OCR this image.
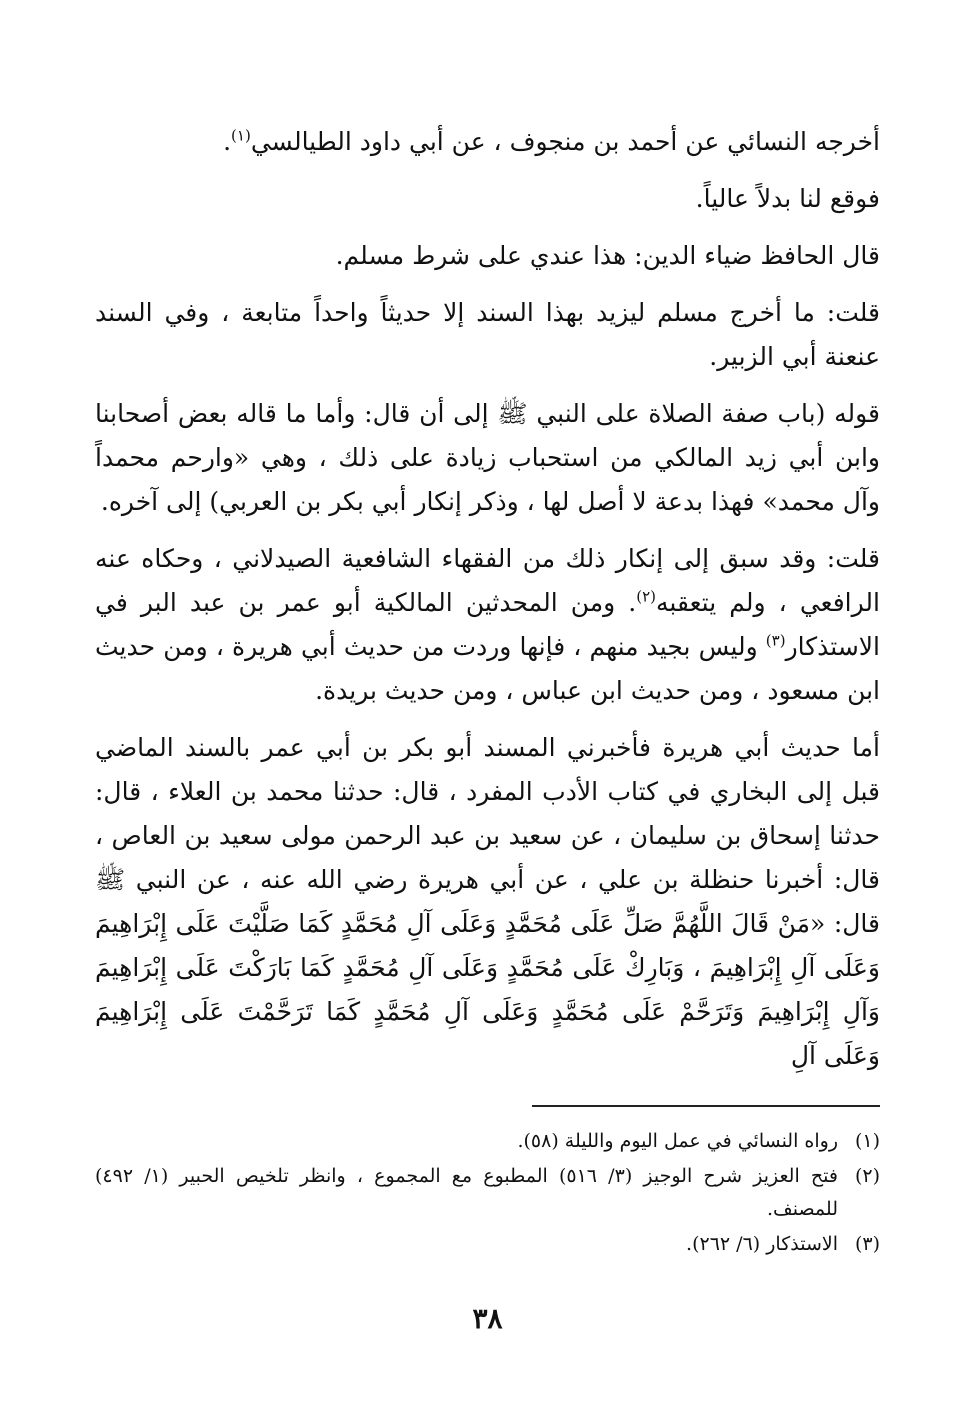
أخرجه النسائي عن أحمد بن منجوف ، عن أبي داود الطيالسي$^{(١)}$.

فوقع لنا بدلاً عالياً.

قال الحافظ ضياء الدين: هذا عندي على شرط مسلم.

قلت: ما أخرج مسلم ليزيد بهذا السند إلا حديثاً واحداً متابعة ، وفي السند عنعنة أبي الزبير.

قوله (باب صفة الصلاة على النبي ﷺ إلى أن قال: وأما ما قاله بعض أصحابنا وابن أبي زيد المالكي من استحباب زيادة على ذلك ، وهي «وارحم محمداً وآل محمد» فهذا بدعة لا أصل لها ، وذكر إنكار أبي بكر بن العربي) إلى آخره.

قلت: وقد سبق إلى إنكار ذلك من الفقهاء الشافعية الصيدلاني ، وحكاه عنه الرافعي ، ولم يتعقبه$^{(٢)}$. ومن المحدثين المالكية أبو عمر بن عبد البر في الاستذكار$^{(٣)}$ وليس بجيد منهم ، فإنها وردت من حديث أبي هريرة ، ومن حديث ابن مسعود ، ومن حديث ابن عباس ، ومن حديث بريدة.

أما حديث أبي هريرة فأخبرني المسند أبو بكر بن أبي عمر بالسند الماضي قبل إلى البخاري في كتاب الأدب المفرد ، قال: حدثنا محمد بن العلاء ، قال: حدثنا إسحاق بن سليمان ، عن سعيد بن عبد الرحمن مولى سعيد بن العاص ، قال: أخبرنا حنظلة بن علي ، عن أبي هريرة رضي الله عنه ، عن النبي ﷺ قال: «مَنْ قَالَ اللَّهُمَّ صَلِّ عَلَى مُحَمَّدٍ وَعَلَى آلِ مُحَمَّدٍ كَمَا صَلَّيْتَ عَلَى إِبْرَاهِيمَ وَعَلَى آلِ إِبْرَاهِيمَ ، وَبَارِكْ عَلَى مُحَمَّدٍ وَعَلَى آلِ مُحَمَّدٍ كَمَا بَارَكْتَ عَلَى إِبْرَاهِيمَ وَآلِ إِبْرَاهِيمَ وَتَرَحَّمْ عَلَى مُحَمَّدٍ وَعَلَى آلِ مُحَمَّدٍ كَمَا تَرَحَّمْتَ عَلَى إِبْرَاهِيمَ وَعَلَى آلِ

(١)
رواه النسائي في عمل اليوم والليلة (٥٨).
(٢)
فتح العزيز شرح الوجيز (٣/ ٥١٦) المطبوع مع المجموع ، وانظر تلخيص الحبير (١/ ٤٩٢) للمصنف.
(٣)
الاستذكار (٦/ ٢٦٢).
٣٨
